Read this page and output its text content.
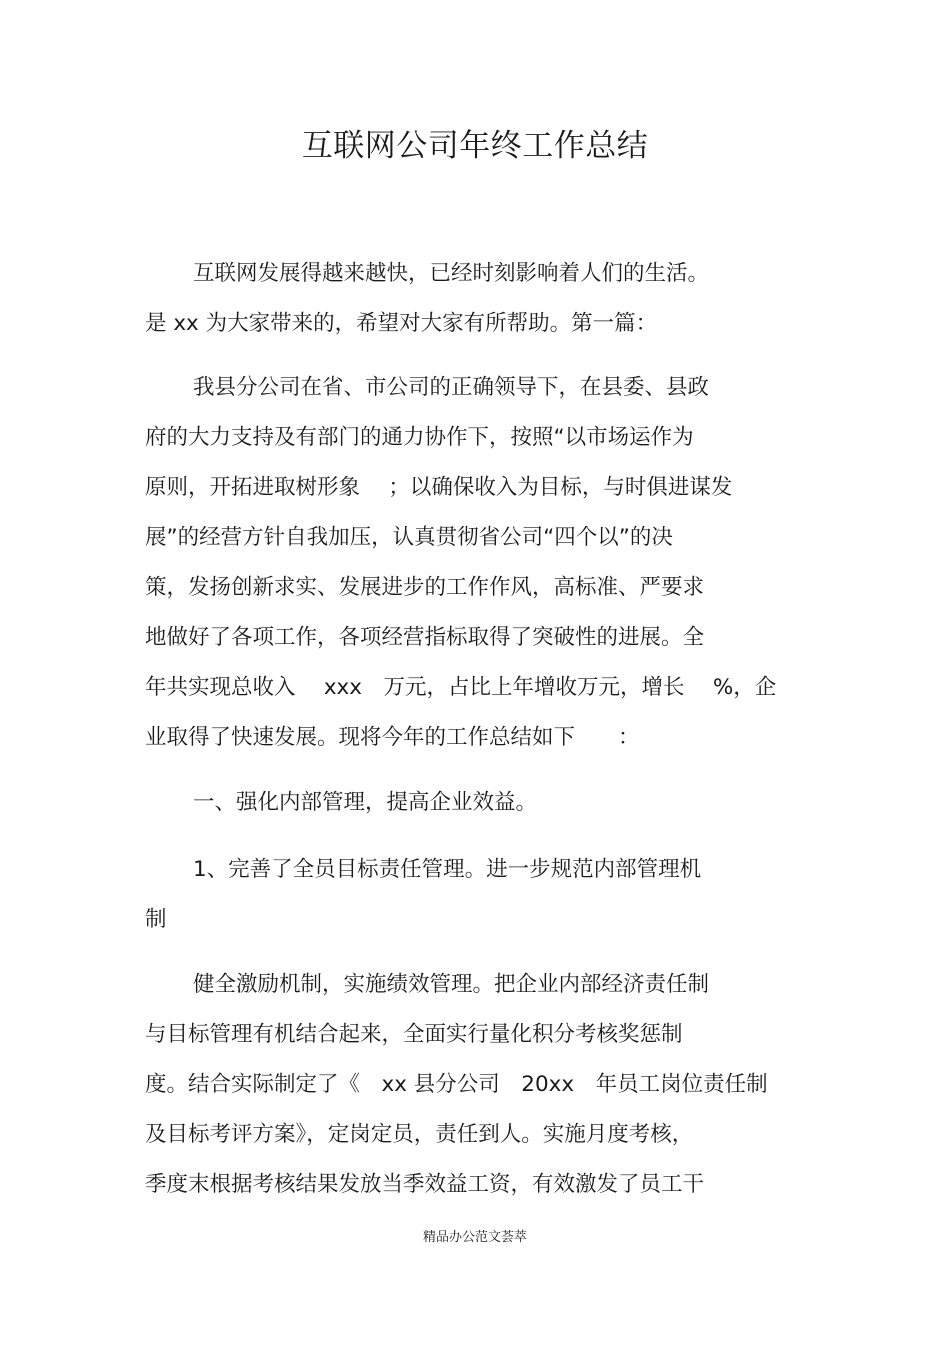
互联网公司年终工作总结
互联网发展得越来越快，已经时刻影响着人们的生活。
是 xx 为大家带来的，希望对大家有所帮助。第一篇：
我县分公司在省、市公司的正确领导下，在县委、县政
府的大力支持及有部门的通力协作下，按照“以市场运作为
原则，开拓进取树形象　 ；以确保收入为目标，与时俱进谋发
展”的经营方针自我加压，认真贯彻省公司“四个以”的决
策，发扬创新求实、发展进步的工作作风，高标准、严要求
地做好了各项工作，各项经营指标取得了突破性的进展。全
年共实现总收入　 xxx　万元，占比上年增收万元，增长　 %，企
业取得了快速发展。现将今年的工作总结如下　　：
一、强化内部管理，提高企业效益。
1、完善了全员目标责任管理。进一步规范内部管理机
制
健全激励机制，实施绩效管理。把企业内部经济责任制
与目标管理有机结合起来，全面实行量化积分考核奖惩制
度。结合实际制定了《　xx 县分公司　20xx　年员工岗位责任制
及目标考评方案》，定岗定员，责任到人。实施月度考核，
季度末根据考核结果发放当季效益工资，有效激发了员工干
精品办公范文荟萃
